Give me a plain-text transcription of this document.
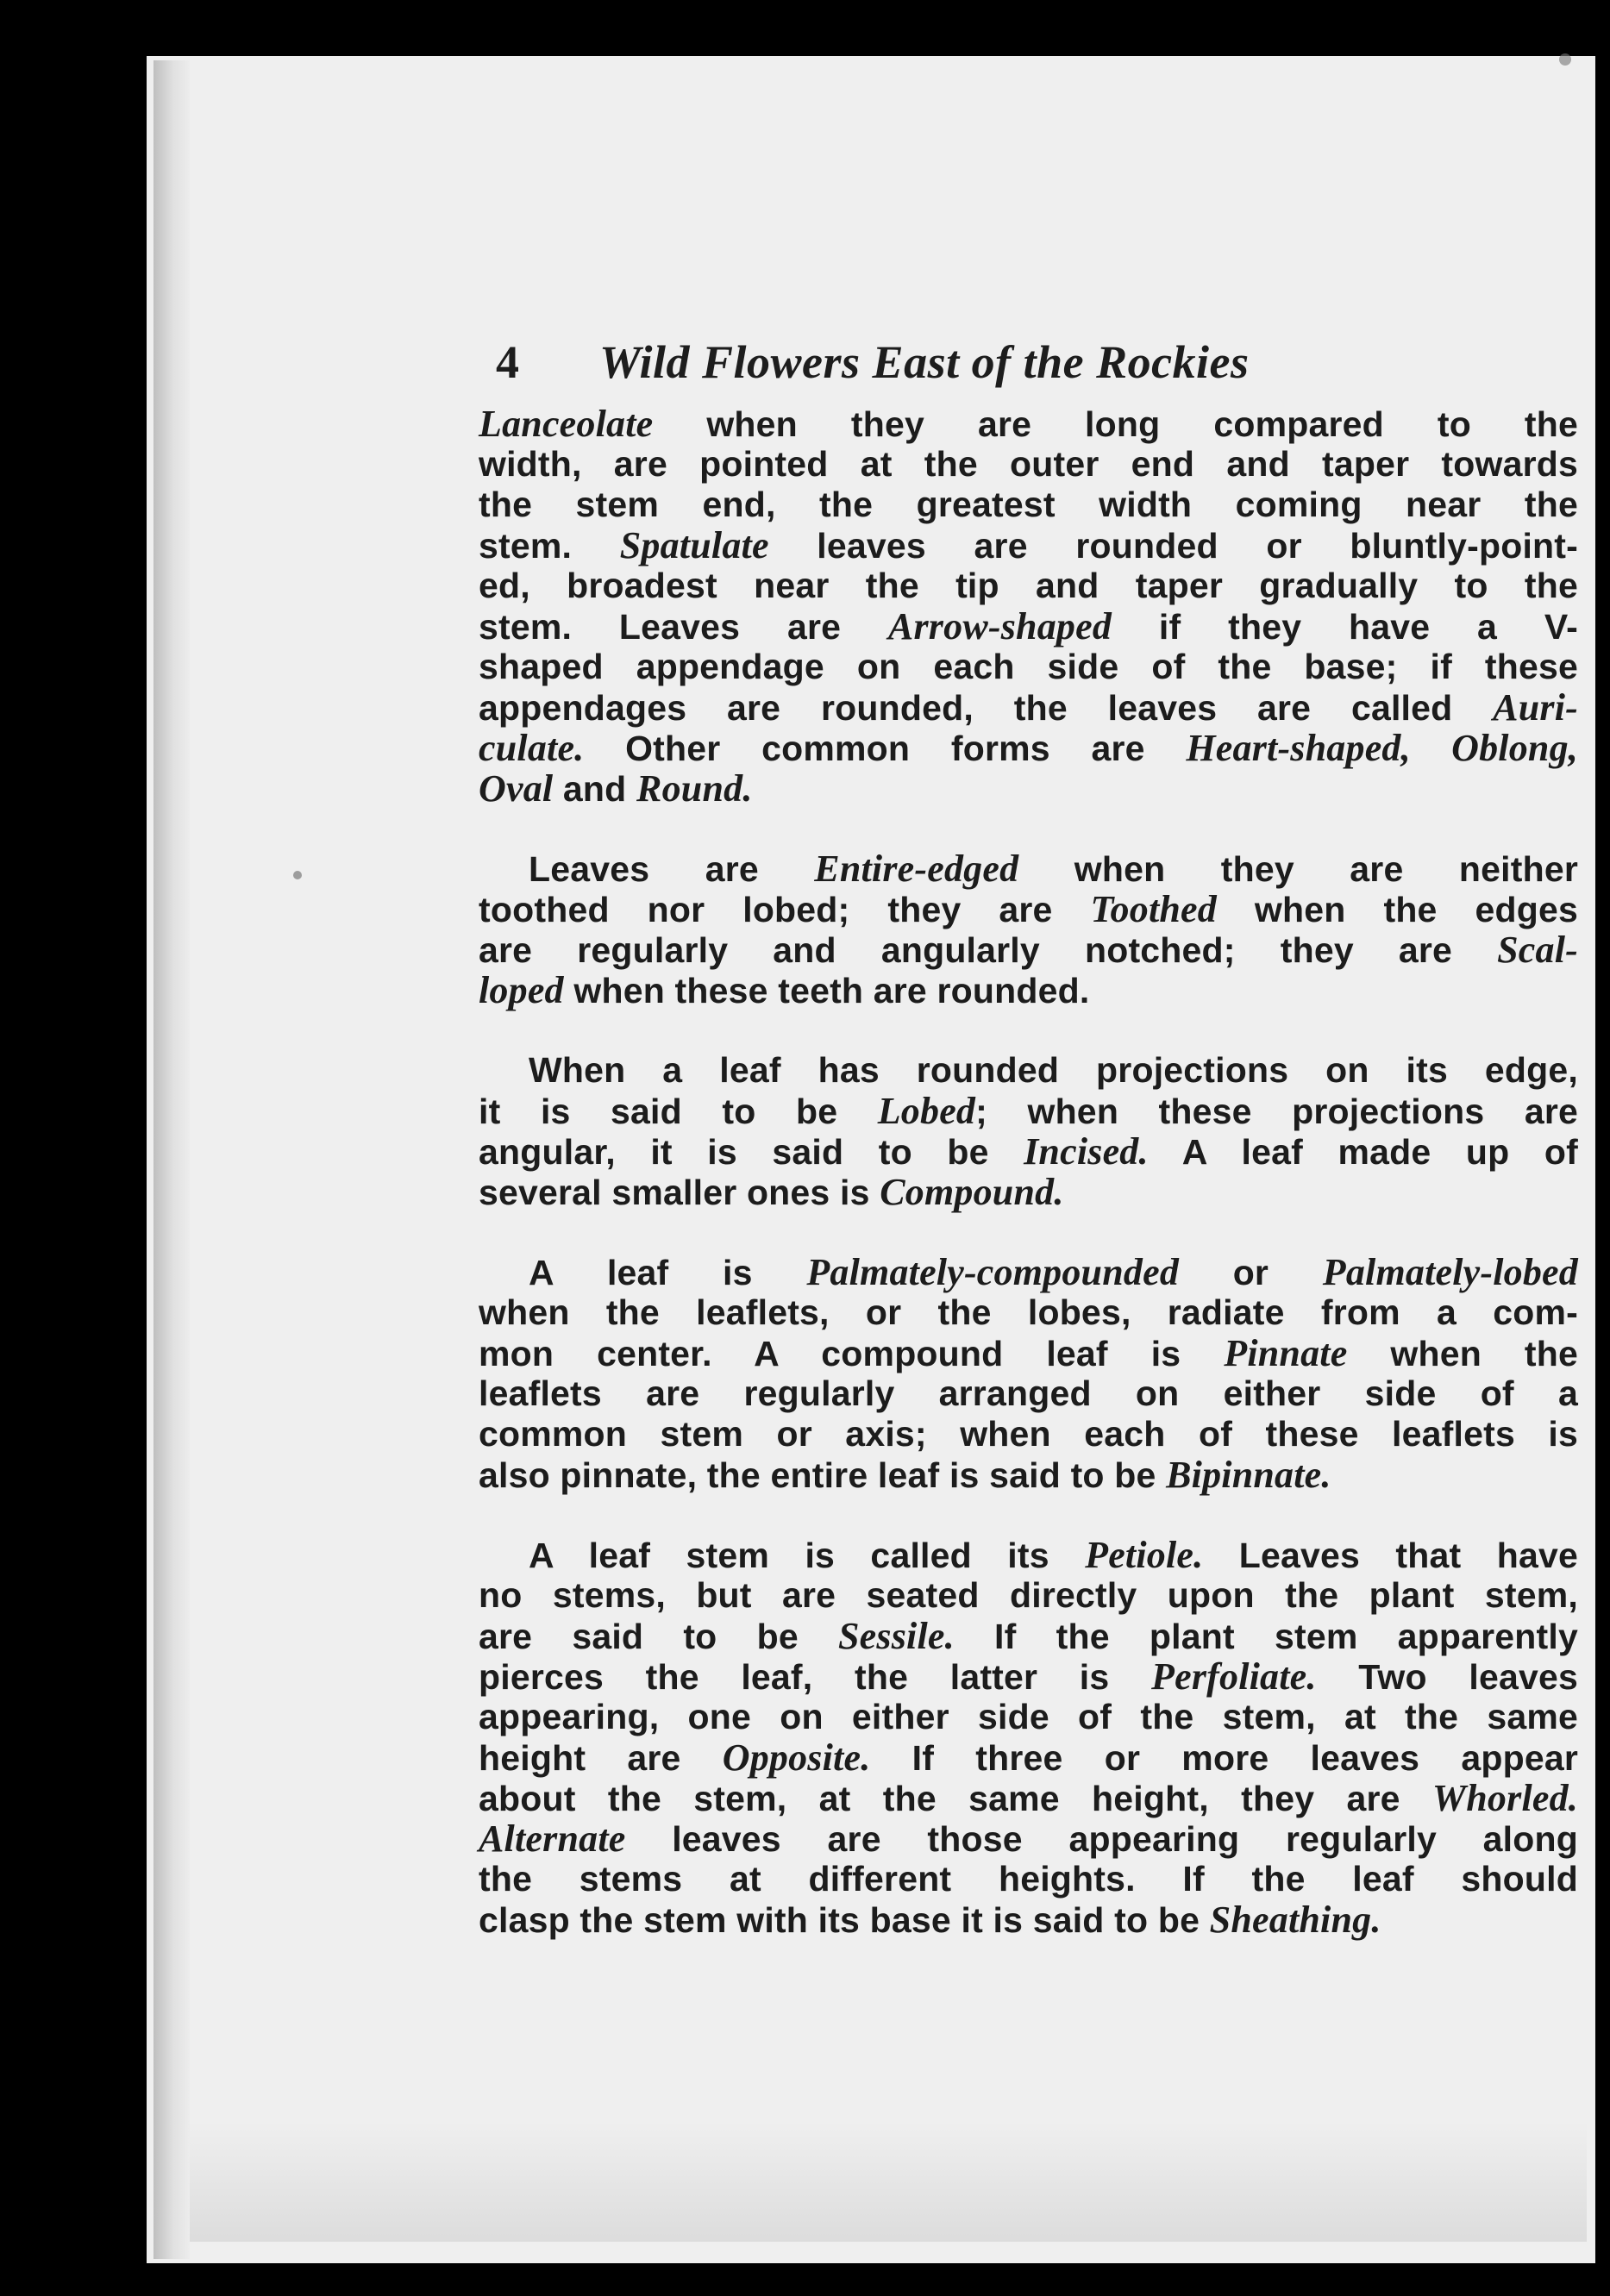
4	Wild Flowers East of the Rockies
Lanceolate when they are long compared to the
width, are pointed at the outer end and taper towards
the stem end, the greatest width coming near the
stem. Spatulate leaves are rounded or bluntly-point-
ed, broadest near the tip and taper gradually to the
stem. Leaves are Arrow-shaped if they have a V-
shaped appendage on each side of the base; if these
appendages are rounded, the leaves are called Auri-
culate. Other common forms are Heart-shaped, Oblong,
Oval and Round.
Leaves are Entire-edged when they are neither
toothed nor lobed; they are Toothed when the edges
are regularly and angularly notched; they are Scal-
loped when these teeth are rounded.
When a leaf has rounded projections on its edge,
it is said to be Lobed; when these projections are
angular, it is said to be Incised. A leaf made up of
several smaller ones is Compound.
A leaf is Palmately-compounded or Palmately-lobed
when the leaflets, or the lobes, radiate from a com-
mon center. A compound leaf is Pinnate when the
leaflets are regularly arranged on either side of a
common stem or axis; when each of these leaflets is
also pinnate, the entire leaf is said to be Bipinnate.
A leaf stem is called its Petiole. Leaves that have
no stems, but are seated directly upon the plant stem,
are said to be Sessile. If the plant stem apparently
pierces the leaf, the latter is Perfoliate. Two leaves
appearing, one on either side of the stem, at the same
height are Opposite. If three or more leaves appear
about the stem, at the same height, they are Whorled.
Alternate leaves are those appearing regularly along
the stems at different heights. If the leaf should
clasp the stem with its base it is said to be Sheathing.
